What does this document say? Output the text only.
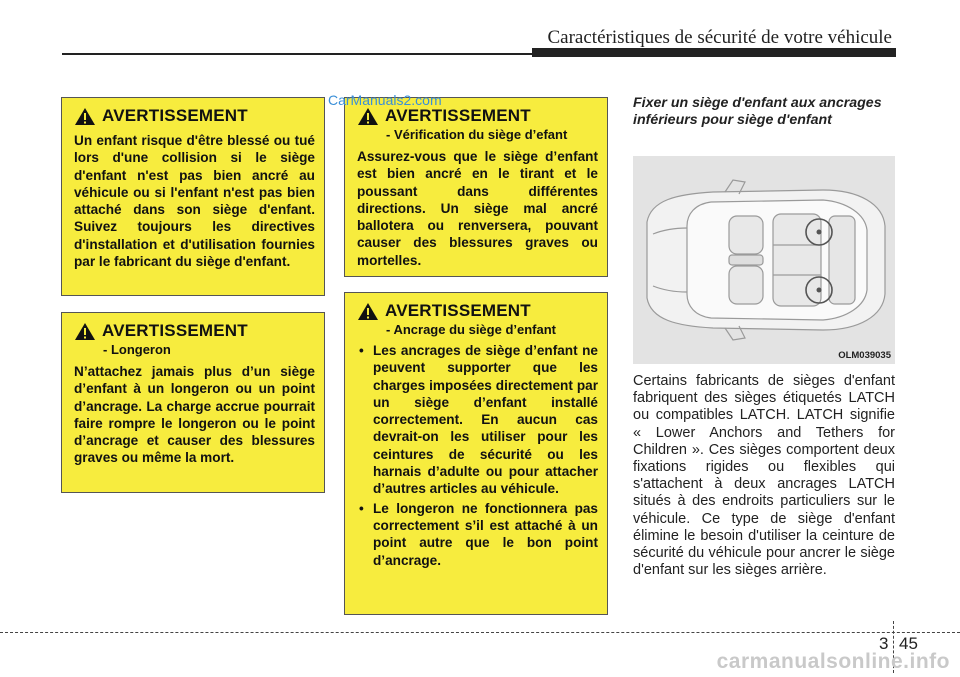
Caractéristiques de sécurité de votre véhicule
AVERTISSEMENT

Un enfant risque d'être blessé ou tué lors d'une collision si le siège d'enfant n'est pas bien ancré au véhicule ou si l'enfant n'est pas bien attaché dans son siège d'enfant. Suivez toujours les directives d'installation et d'utilisation fournies par le fabricant du siège d'enfant.

AVERTISSEMENT
- Longeron

N’attachez jamais plus d’un siège d’enfant à un longeron ou un point d’ancrage. La charge accrue pourrait faire rompre le longeron ou le point d’ancrage et causer des blessures graves ou même la mort.

AVERTISSEMENT
- Vérification du siège d’efant

Assurez-vous que le siège d’enfant est bien ancré en le tirant et le poussant dans différentes directions. Un siège mal ancré ballotera ou renversera, pouvant causer des blessures graves ou mortelles.

AVERTISSEMENT
- Ancrage du siège d’enfant
• Les ancrages de siège d’enfant ne peuvent supporter que les charges imposées directement par un siège d’enfant installé correctement. En aucun cas devrait-on les utiliser pour les ceintures de sécurité ou les harnais d’adulte ou pour attacher d’autres articles au véhicule.
• Le longeron ne fonctionnera pas correctement s’il est attaché à un point autre que le bon point d’ancrage.
CarManuals2.com	Fixer un siège d'enfant aux ancrages inférieurs pour siège d'enfant
OLM039035

Certains fabricants de sièges d'enfant fabriquent des sièges étiquetés LATCH ou compatibles LATCH. LATCH signifie « Lower Anchors and Tethers for Children ». Ces sièges comportent deux fixations rigides ou flexibles qui s'attachent à deux ancrages LATCH situés à des endroits particuliers sur le véhicule. Ce type de siège d'enfant élimine le besoin d'utiliser la ceinture de sécurité du véhicule pour ancrer le siège d'enfant sur les sièges arrière.

3 45
carmanualsonline.info
